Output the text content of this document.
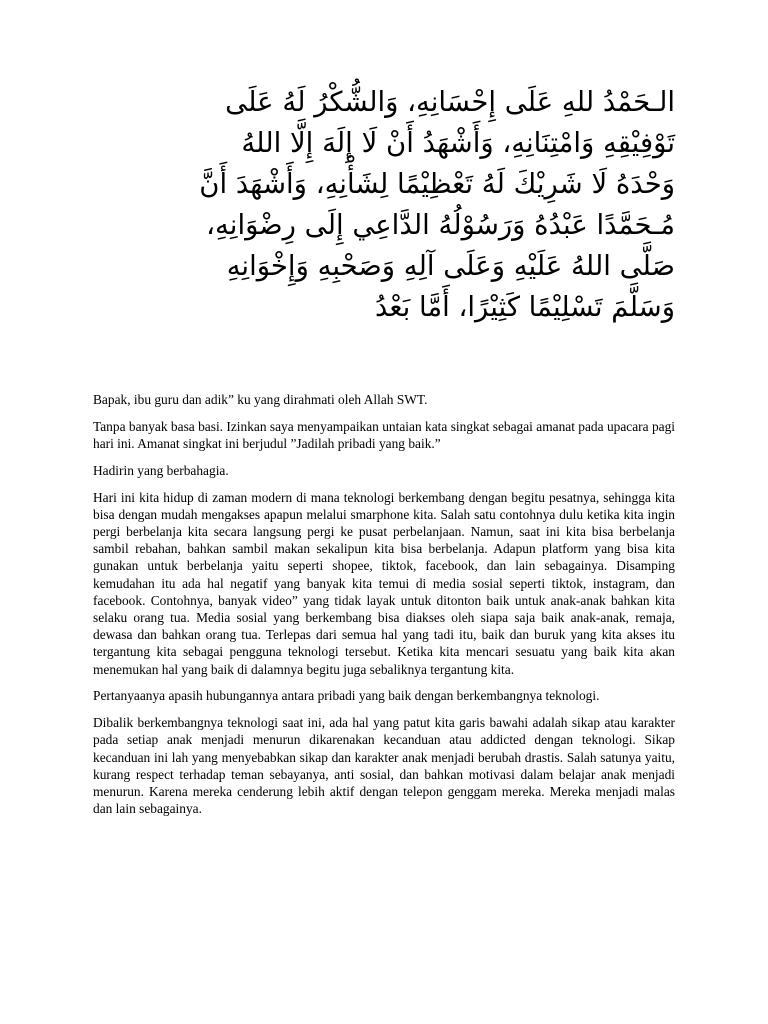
الـحَمْدُ للهِ عَلَى إِحْسَانِهِ، وَالشُّكْرُ لَهُ عَلَى
تَوْفِيْقِهِ وَامْتِنَانِهِ، وَأَشْهَدُ أَنْ لَا إِلَهَ إِلَّا اللهُ
وَحْدَهُ لَا شَرِيْكَ لَهُ تَعْظِيْمًا لِشَأْنِهِ، وَأَشْهَدَ أَنَّ
مُـحَمَّدًا عَبْدُهُ وَرَسُوْلُهُ الدَّاعِي إِلَى رِضْوَانِهِ،
صَلَّى اللهُ عَلَيْهِ وَعَلَى آلِهِ وَصَحْبِهِ وَإِخْوَانِهِ
وَسَلَّمَ تَسْلِيْمًا كَثِيْرًا، أَمَّا بَعْدُ

Bapak, ibu guru dan adik” ku yang dirahmati oleh Allah SWT.

Tanpa banyak basa basi. Izinkan saya menyampaikan untaian kata singkat sebagai amanat pada upacara pagi hari ini. Amanat singkat ini berjudul ”Jadilah pribadi yang baik.”

Hadirin yang berbahagia.

Hari ini kita hidup di zaman modern di mana teknologi berkembang dengan begitu pesatnya, sehingga kita bisa dengan mudah mengakses apapun melalui smarphone kita. Salah satu contohnya dulu ketika kita ingin pergi berbelanja kita secara langsung pergi ke pusat perbelanjaan. Namun, saat ini kita bisa berbelanja sambil rebahan, bahkan sambil makan sekalipun kita bisa berbelanja. Adapun platform yang bisa kita gunakan untuk berbelanja yaitu seperti shopee, tiktok, facebook, dan lain sebagainya. Disamping kemudahan itu ada hal negatif yang banyak kita temui di media sosial seperti tiktok, instagram, dan facebook. Contohnya, banyak video” yang tidak layak untuk ditonton baik untuk anak-anak bahkan kita selaku orang tua. Media sosial yang berkembang bisa diakses oleh siapa saja baik anak-anak, remaja, dewasa dan bahkan orang tua. Terlepas dari semua hal yang tadi itu, baik dan buruk yang kita akses itu tergantung kita sebagai pengguna teknologi tersebut. Ketika kita mencari sesuatu yang baik kita akan menemukan hal yang baik di dalamnya begitu juga sebaliknya tergantung kita.

Pertanyaanya apasih hubungannya antara pribadi yang baik dengan berkembangnya teknologi.

Dibalik berkembangnya teknologi saat ini, ada hal yang patut kita garis bawahi adalah sikap atau karakter pada setiap anak menjadi menurun dikarenakan kecanduan atau addicted dengan teknologi. Sikap kecanduan ini lah yang menyebabkan sikap dan karakter anak menjadi berubah drastis. Salah satunya yaitu, kurang respect terhadap teman sebayanya, anti sosial, dan bahkan motivasi dalam belajar anak menjadi menurun. Karena mereka cenderung lebih aktif dengan telepon genggam mereka. Mereka menjadi malas dan lain sebagainya.
